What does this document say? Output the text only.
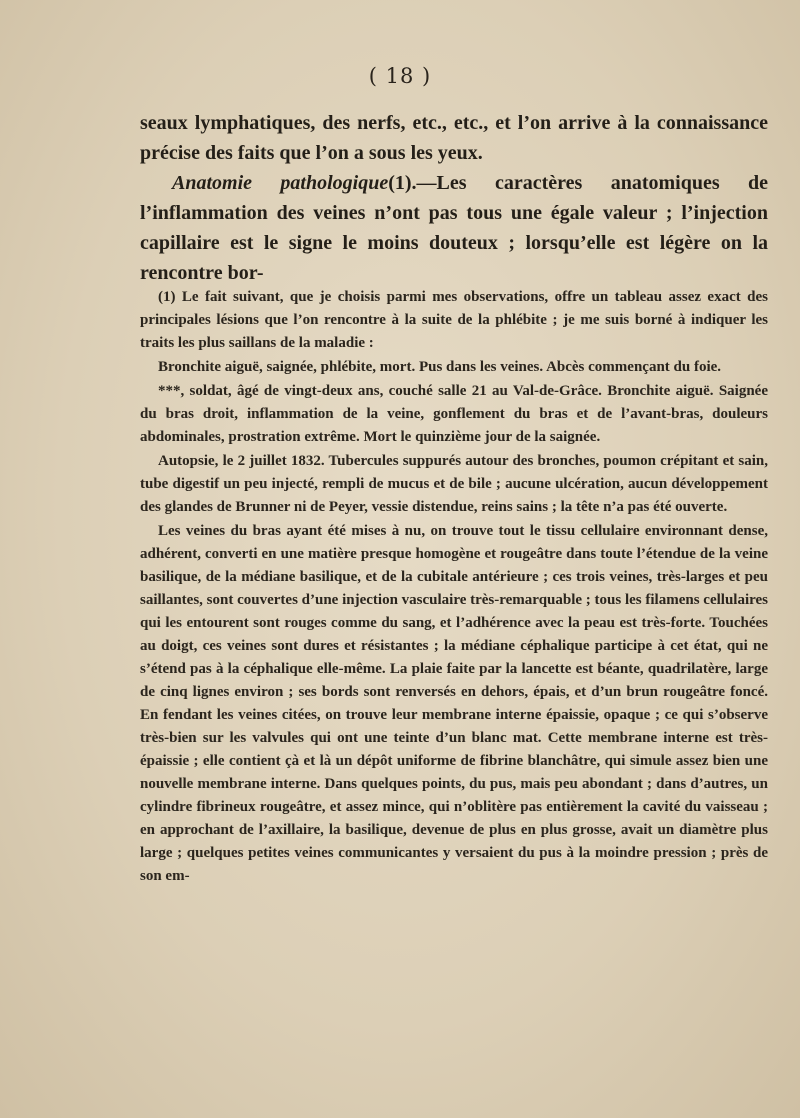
( 18 )

seaux lymphatiques, des nerfs, etc., etc., et l’on arrive à la connaissance précise des faits que l’on a sous les yeux.

Anatomie pathologique(1).—Les caractères anatomiques de l’inflammation des veines n’ont pas tous une égale valeur ; l’injection capillaire est le signe le moins douteux ; lorsqu’elle est légère on la rencontre bor-

(1) Le fait suivant, que je choisis parmi mes observations, offre un tableau assez exact des principales lésions que l’on rencontre à la suite de la phlébite ; je me suis borné à indiquer les traits les plus saillans de la maladie :

Bronchite aiguë, saignée, phlébite, mort. Pus dans les veines. Abcès commençant du foie.

***, soldat, âgé de vingt-deux ans, couché salle 21 au Val-de-Grâce. Bronchite aiguë. Saignée du bras droit, inflammation de la veine, gonflement du bras et de l’avant-bras, douleurs abdominales, prostration extrême. Mort le quinzième jour de la saignée.

Autopsie, le 2 juillet 1832. Tubercules suppurés autour des bronches, poumon crépitant et sain, tube digestif un peu injecté, rempli de mucus et de bile ; aucune ulcération, aucun développement des glandes de Brunner ni de Peyer, vessie distendue, reins sains ; la tête n’a pas été ouverte.

Les veines du bras ayant été mises à nu, on trouve tout le tissu cellulaire environnant dense, adhérent, converti en une matière presque homogène et rougeâtre dans toute l’étendue de la veine basilique, de la médiane basilique, et de la cubitale antérieure ; ces trois veines, très-larges et peu saillantes, sont couvertes d’une injection vasculaire très-remarquable ; tous les filamens cellulaires qui les entourent sont rouges comme du sang, et l’adhérence avec la peau est très-forte. Touchées au doigt, ces veines sont dures et résistantes ; la médiane céphalique participe à cet état, qui ne s’étend pas à la céphalique elle-même. La plaie faite par la lancette est béante, quadrilatère, large de cinq lignes environ ; ses bords sont renversés en dehors, épais, et d’un brun rougeâtre foncé. En fendant les veines citées, on trouve leur membrane interne épaissie, opaque ; ce qui s’observe très-bien sur les valvules qui ont une teinte d’un blanc mat. Cette membrane interne est très-épaissie ; elle contient çà et là un dépôt uniforme de fibrine blanchâtre, qui simule assez bien une nouvelle membrane interne. Dans quelques points, du pus, mais peu abondant ; dans d’autres, un cylindre fibrineux rougeâtre, et assez mince, qui n’oblitère pas entièrement la cavité du vaisseau ; en approchant de l’axillaire, la basilique, devenue de plus en plus grosse, avait un diamètre plus large ; quelques petites veines communicantes y versaient du pus à la moindre pression ; près de son em-
